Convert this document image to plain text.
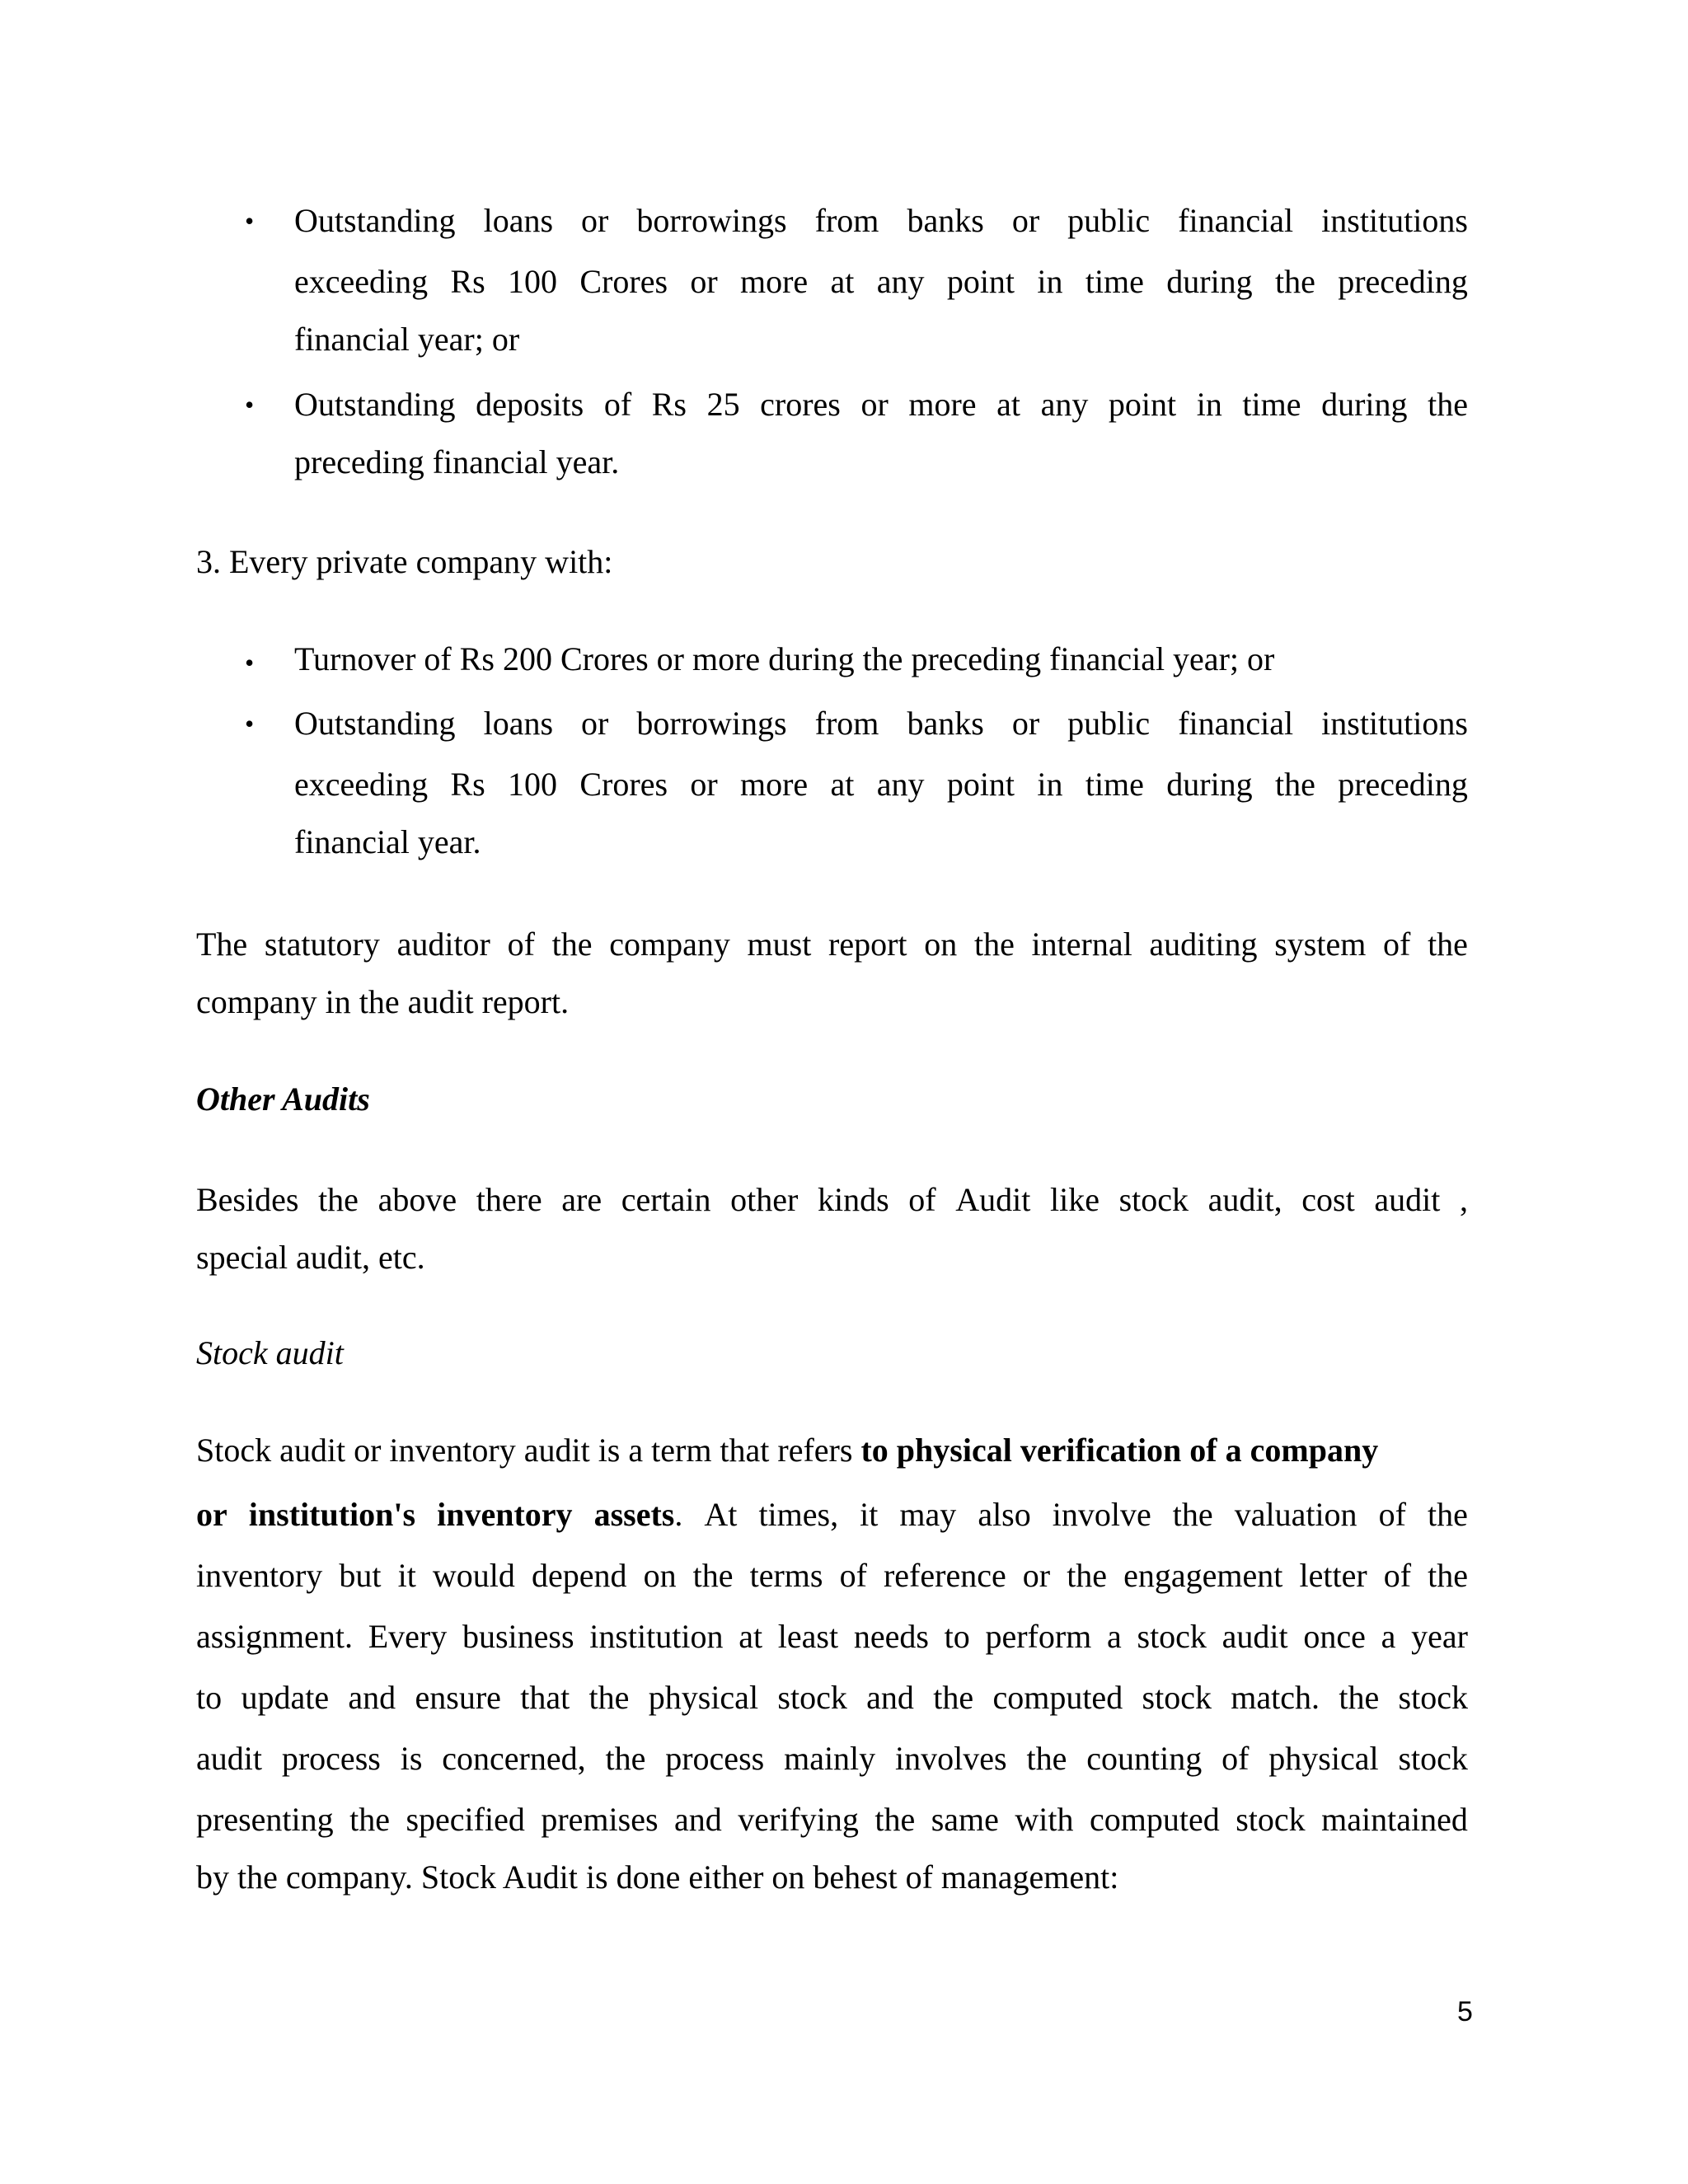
• Outstanding loans or borrowings from banks or public financial institutions
exceeding Rs 100 Crores or more at any point in time during the preceding
financial year; or
• Outstanding deposits of Rs 25 crores or more at any point in time during the
preceding financial year.
3. Every private company with:
• Turnover of Rs 200 Crores or more during the preceding financial year; or
• Outstanding loans or borrowings from banks or public financial institutions
exceeding Rs 100 Crores or more at any point in time during the preceding
financial year.
The statutory auditor of the company must report on the internal auditing system of the
company in the audit report.
Other Audits
Besides the above there are certain other kinds of Audit like stock audit, cost audit ,
special audit, etc.
Stock audit
Stock audit or inventory audit is a term that refers to physical verification of a company
or institution's inventory assets. At times, it may also involve the valuation of the
inventory but it would depend on the terms of reference or the engagement letter of the
assignment. Every business institution at least needs to perform a stock audit once a year
to update and ensure that the physical stock and the computed stock match. the stock
audit process is concerned, the process mainly involves the counting of physical stock
presenting the specified premises and verifying the same with computed stock maintained
by the company. Stock Audit is done either on behest of management:
5
